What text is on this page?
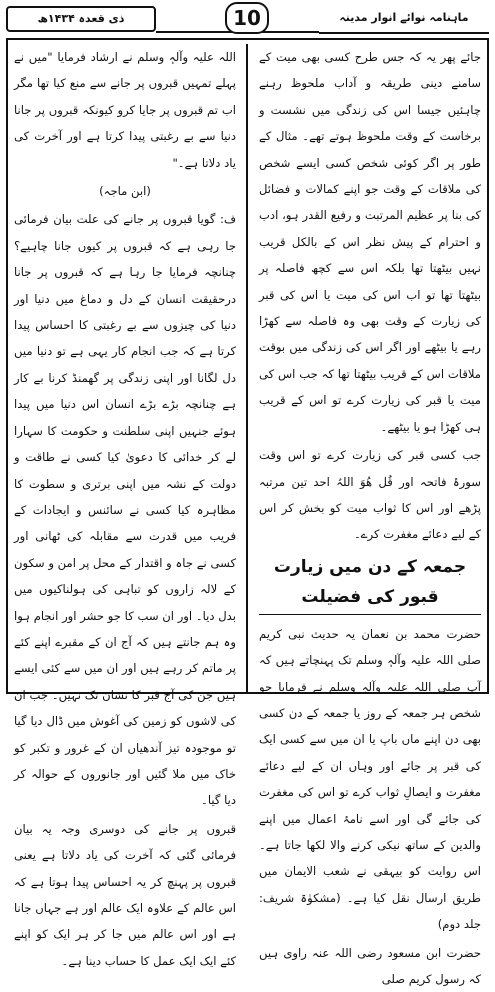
ذی قعدہ ۱۴۳۴ھ	10	ماہنامہ نوائے انوار مدینہ

جائے پھر یہ کہ جس طرح کسی بھی میت کے سامنے دینی طریقہ و آداب ملحوظ رہنے چاہئیں جیسا اس کی زندگی میں نشست و برخاست کے وقت ملحوظ ہوتے تھے۔ مثال کے طور پر اگر کوئی شخص کسی ایسے شخص کی ملاقات کے وقت جو اپنے کمالات و فضائل کی بنا پر عظیم المرتبت و رفیع القدر ہو، ادب و احترام کے پیش نظر اس کے بالکل قریب نہیں بیٹھتا تھا بلکہ اس سے کچھ فاصلہ پر بیٹھتا تھا تو اب اس کی میت یا اس کی قبر کی زیارت کے وقت بھی وہ فاصلہ سے کھڑا رہے یا بیٹھے اور اگر اس کی زندگی میں بوقت ملاقات اس کے قریب بیٹھتا تھا کہ جب اس کی میت یا قبر کی زیارت کرے تو اس کے قریب ہی کھڑا ہو یا بیٹھے۔

جب کسی قبر کی زیارت کرے تو اس وقت سورۂ فاتحہ اور قُل ھُوَ اللہُ احد تین مرتبہ پڑھے اور اس کا ثواب میت کو بخش کر اس کے لیے دعائے مغفرت کرے۔

جمعہ کے دن میں زیارت قبور کی فضیلت

حضرت محمد بن نعمان یہ حدیث نبی کریم صلی اللہ علیہ وآلہٖ وسلم تک پہنچاتے ہیں کہ آپ صلی اللہ علیہ وآلہٖ وسلم نے فرمایا جو شخص ہر جمعہ کے روز یا جمعہ کے دن کسی بھی دن اپنے ماں باپ یا ان میں سے کسی ایک کی قبر پر جائے اور وہاں ان کے لیے دعائے مغفرت و ایصالِ ثواب کرے تو اس کی مغفرت کی جائے گی اور اسے نامۂ اعمال میں اپنے والدین کے ساتھ نیکی کرنے والا لکھا جاتا ہے۔ اس روایت کو بیہقی نے شعب الایمان میں طریق ارسال نقل کیا ہے۔ (مشکوٰۃ شریف: جلد دوم)

حضرت ابن مسعود رضی اللہ عنہ راوی ہیں کہ رسول کریم صلی

اللہ علیہ وآلہٖ وسلم نے ارشاد فرمایا "میں نے پہلے تمہیں قبروں پر جانے سے منع کیا تھا مگر اب تم قبروں پر جایا کرو کیونکہ قبروں پر جانا دنیا سے بے رغبتی پیدا کرتا ہے اور آخرت کی یاد دلاتا ہے۔"

(ابن ماجہ)

ف: گویا قبروں پر جانے کی علت بیان فرمائی جا رہی ہے کہ قبروں پر کیوں جانا چاہیے؟ چنانچہ فرمایا جا رہا ہے کہ قبروں پر جانا درحقیقت انسان کے دل و دماغ میں دنیا اور دنیا کی چیزوں سے بے رغبتی کا احساس پیدا کرتا ہے کہ جب انجام کار یہی ہے تو دنیا میں دل لگانا اور اپنی زندگی پر گھمنڈ کرنا بے کار ہے چنانچہ بڑے بڑے انسان اس دنیا میں پیدا ہوئے جنہیں اپنی سلطنت و حکومت کا سہارا لے کر خدائی کا دعویٰ کیا کسی نے طاقت و دولت کے نشہ میں اپنی برتری و سطوت کا مظاہرہ کیا کسی نے سائنس و ایجادات کے فریب میں قدرت سے مقابلہ کی ٹھانی اور کسی نے جاہ و اقتدار کے محل پر امن و سکون کے لالہ زاروں کو تباہی کی ہولناکیوں میں بدل دیا۔ اور ان سب کا جو حشر اور انجام ہوا وہ ہم جانتے ہیں کہ آج ان کے مقبرے اپنے کئے پر ماتم کر رہے ہیں اور ان میں سے کئی ایسے ہیں جن کی آج قبر کا نشان تک نہیں۔ جب ان کی لاشوں کو زمین کی آغوش میں ڈال دیا گیا تو موجودہ تیز آندھیاں ان کے غرور و تکبر کو خاک میں ملا گئیں اور جانوروں کے حوالہ کر دیا گیا۔

قبروں پر جانے کی دوسری وجہ یہ بیان فرمائی گئی کہ آخرت کی یاد دلاتا ہے یعنی قبروں پر پہنچ کر یہ احساس پیدا ہوتا ہے کہ اس عالم کے علاوہ ایک عالم اور ہے جہاں جانا ہے اور اس عالم میں جا کر ہر ایک کو اپنے کئے ایک ایک عمل کا حساب دینا ہے۔
